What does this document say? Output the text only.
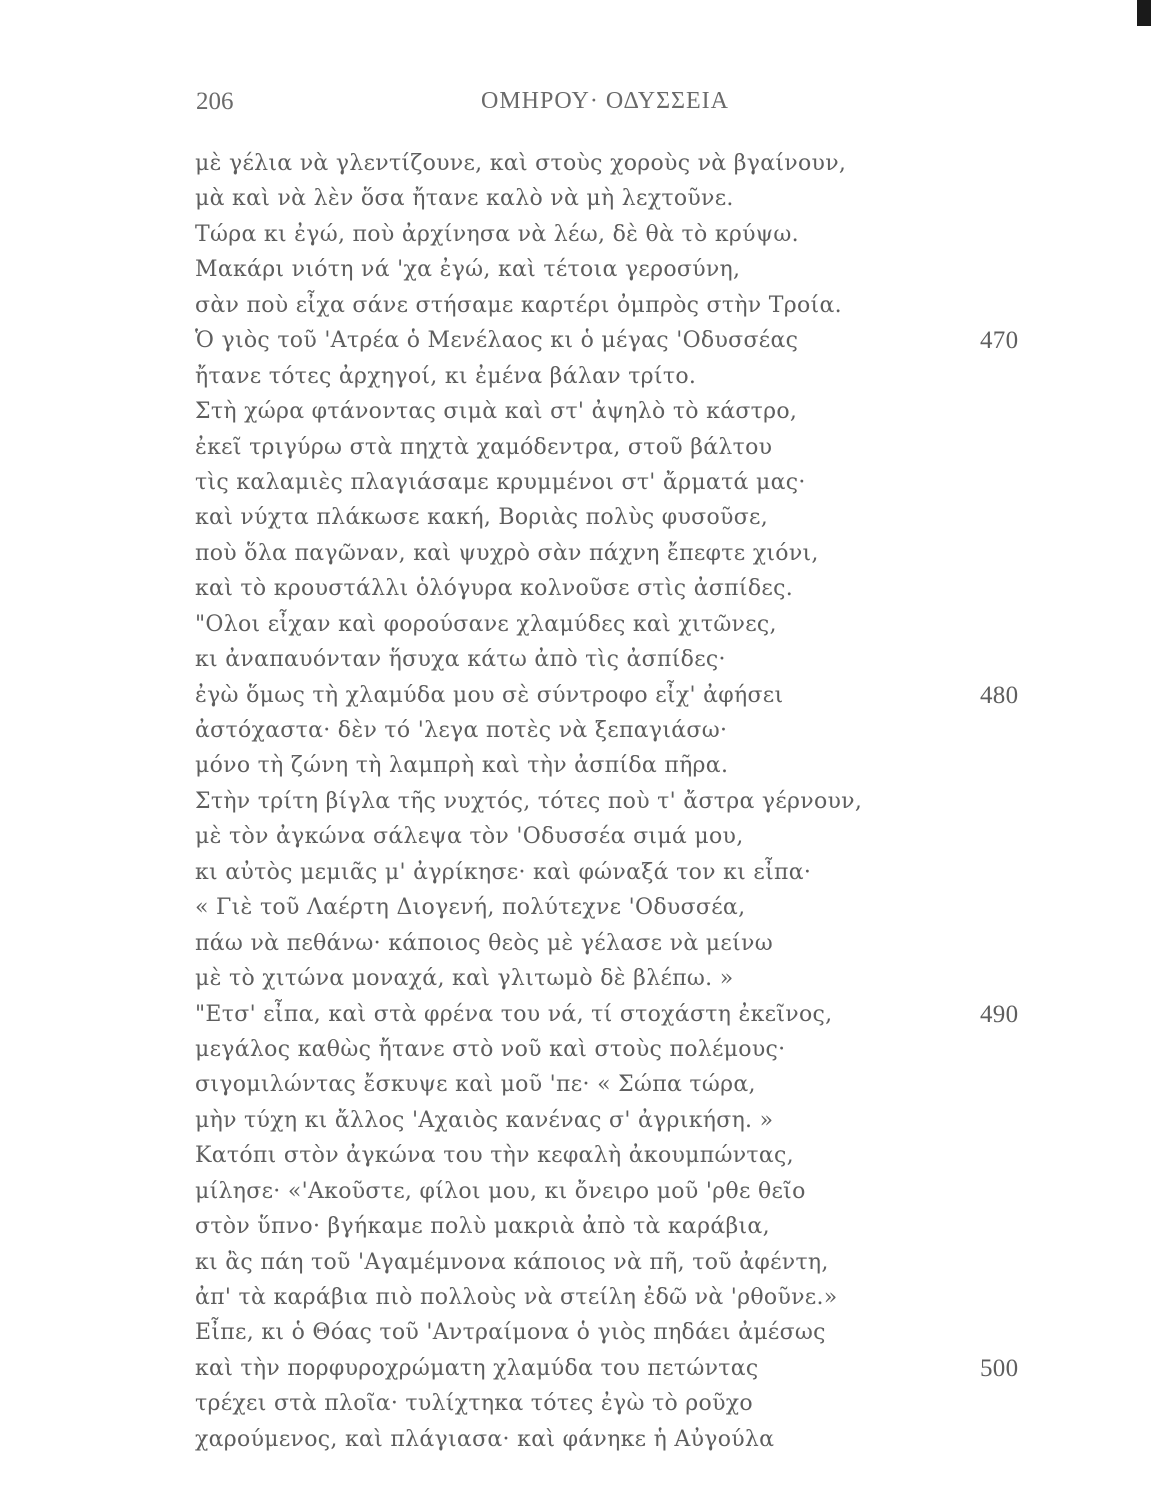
206	ΟΜΗΡΟΥ· ΟΔΥΣΣΕΙΑ
μὲ γέλια νὰ γλεντίζουνε, καὶ στοὺς χοροὺς νὰ βγαίνουν,
μὰ καὶ νὰ λὲν ὅσα ἤτανε καλὸ νὰ μὴ λεχτοῦνε.
Τώρα κι ἐγώ, ποὺ ἀρχίνησα νὰ λέω, δὲ θὰ τὸ κρύψω.
Μακάρι νιότη νά 'χα ἐγώ, καὶ τέτοια γεροσύνη,
σὰν ποὺ εἶχα σάνε στήσαμε καρτέρι ὀμπρὸς στὴν Τροία.
Ὁ γιὸς τοῦ 'Ατρέα ὁ Μενέλαος κι ὁ μέγας 'Οδυσσέας	470
ἤτανε τότες ἀρχηγοί, κι ἐμένα βάλαν τρίτο.
Στὴ χώρα φτάνοντας σιμὰ καὶ στ' ἀψηλὸ τὸ κάστρο,
ἐκεῖ τριγύρω στὰ πηχτὰ χαμόδεντρα, στοῦ βάλτου
τὶς καλαμιὲς πλαγιάσαμε κρυμμένοι στ' ἄρματά μας·
καὶ νύχτα πλάκωσε κακή, Βοριὰς πολὺς φυσοῦσε,
ποὺ ὅλα παγῶναν, καὶ ψυχρὸ σὰν πάχνη ἔπεφτε χιόνι,
καὶ τὸ κρουστάλλι ὁλόγυρα κολνοῦσε στὶς ἀσπίδες.
"Ολοι εἶχαν καὶ φορούσανε χλαμύδες καὶ χιτῶνες,
κι ἀναπαυόνταν ἥσυχα κάτω ἀπὸ τὶς ἀσπίδες·
ἐγὼ ὅμως τὴ χλαμύδα μου σὲ σύντροφο εἶχ' ἀφήσει	480
ἀστόχαστα· δὲν τό 'λεγα ποτὲς νὰ ξεπαγιάσω·
μόνο τὴ ζώνη τὴ λαμπρὴ καὶ τὴν ἀσπίδα πῆρα.
Στὴν τρίτη βίγλα τῆς νυχτός, τότες ποὺ τ' ἄστρα γέρνουν,
μὲ τὸν ἀγκώνα σάλεψα τὸν 'Οδυσσέα σιμά μου,
κι αὐτὸς μεμιᾶς μ' ἀγρίκησε· καὶ φώναξά τον κι εἶπα·
« Γιὲ τοῦ Λαέρτη Διογενή, πολύτεχνε 'Οδυσσέα,
πάω νὰ πεθάνω· κάποιος θεὸς μὲ γέλασε νὰ μείνω
μὲ τὸ χιτώνα μοναχά, καὶ γλιτωμὸ δὲ βλέπω. »
"Ετσ' εἶπα, καὶ στὰ φρένα του νά, τί στοχάστη ἐκεῖνος,	490
μεγάλος καθὼς ἤτανε στὸ νοῦ καὶ στοὺς πολέμους·
σιγομιλώντας ἔσκυψε καὶ μοῦ 'πε· « Σώπα τώρα,
μὴν τύχη κι ἄλλος 'Αχαιὸς κανένας σ' ἀγρικήση. »
Κατόπι στὸν ἀγκώνα του τὴν κεφαλὴ ἀκουμπώντας,
μίλησε· «'Ακοῦστε, φίλοι μου, κι ὄνειρο μοῦ 'ρθε θεῖο
στὸν ὕπνο· βγήκαμε πολὺ μακριὰ ἀπὸ τὰ καράβια,
κι ἂς πάη τοῦ 'Αγαμέμνονα κάποιος νὰ πῆ, τοῦ ἀφέντη,
ἀπ' τὰ καράβια πιὸ πολλοὺς νὰ στείλη ἐδῶ νὰ 'ρθοῦνε.»
Εἶπε, κι ὁ Θόας τοῦ 'Αντραίμονα ὁ γιὸς πηδάει ἀμέσως
καὶ τὴν πορφυροχρώματη χλαμύδα του πετώντας	500
τρέχει στὰ πλοῖα· τυλίχτηκα τότες ἐγὼ τὸ ροῦχο
χαρούμενος, καὶ πλάγιασα· καὶ φάνηκε ἡ Αὐγούλα
